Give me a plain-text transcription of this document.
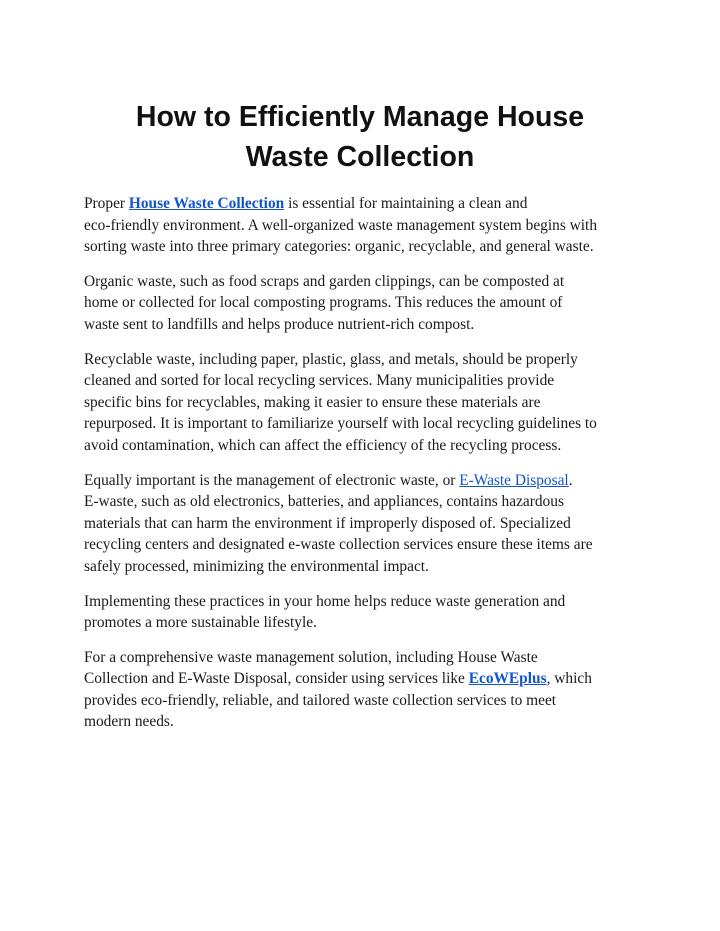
How to Efficiently Manage House
Waste Collection

Proper House Waste Collection is essential for maintaining a clean and
eco-friendly environment. A well-organized waste management system begins with
sorting waste into three primary categories: organic, recyclable, and general waste.

Organic waste, such as food scraps and garden clippings, can be composted at
home or collected for local composting programs. This reduces the amount of
waste sent to landfills and helps produce nutrient-rich compost.

Recyclable waste, including paper, plastic, glass, and metals, should be properly
cleaned and sorted for local recycling services. Many municipalities provide
specific bins for recyclables, making it easier to ensure these materials are
repurposed. It is important to familiarize yourself with local recycling guidelines to
avoid contamination, which can affect the efficiency of the recycling process.

Equally important is the management of electronic waste, or E-Waste Disposal.
E-waste, such as old electronics, batteries, and appliances, contains hazardous
materials that can harm the environment if improperly disposed of. Specialized
recycling centers and designated e-waste collection services ensure these items are
safely processed, minimizing the environmental impact.

Implementing these practices in your home helps reduce waste generation and
promotes a more sustainable lifestyle.

For a comprehensive waste management solution, including House Waste
Collection and E-Waste Disposal, consider using services like EcoWEplus, which
provides eco-friendly, reliable, and tailored waste collection services to meet
modern needs.
